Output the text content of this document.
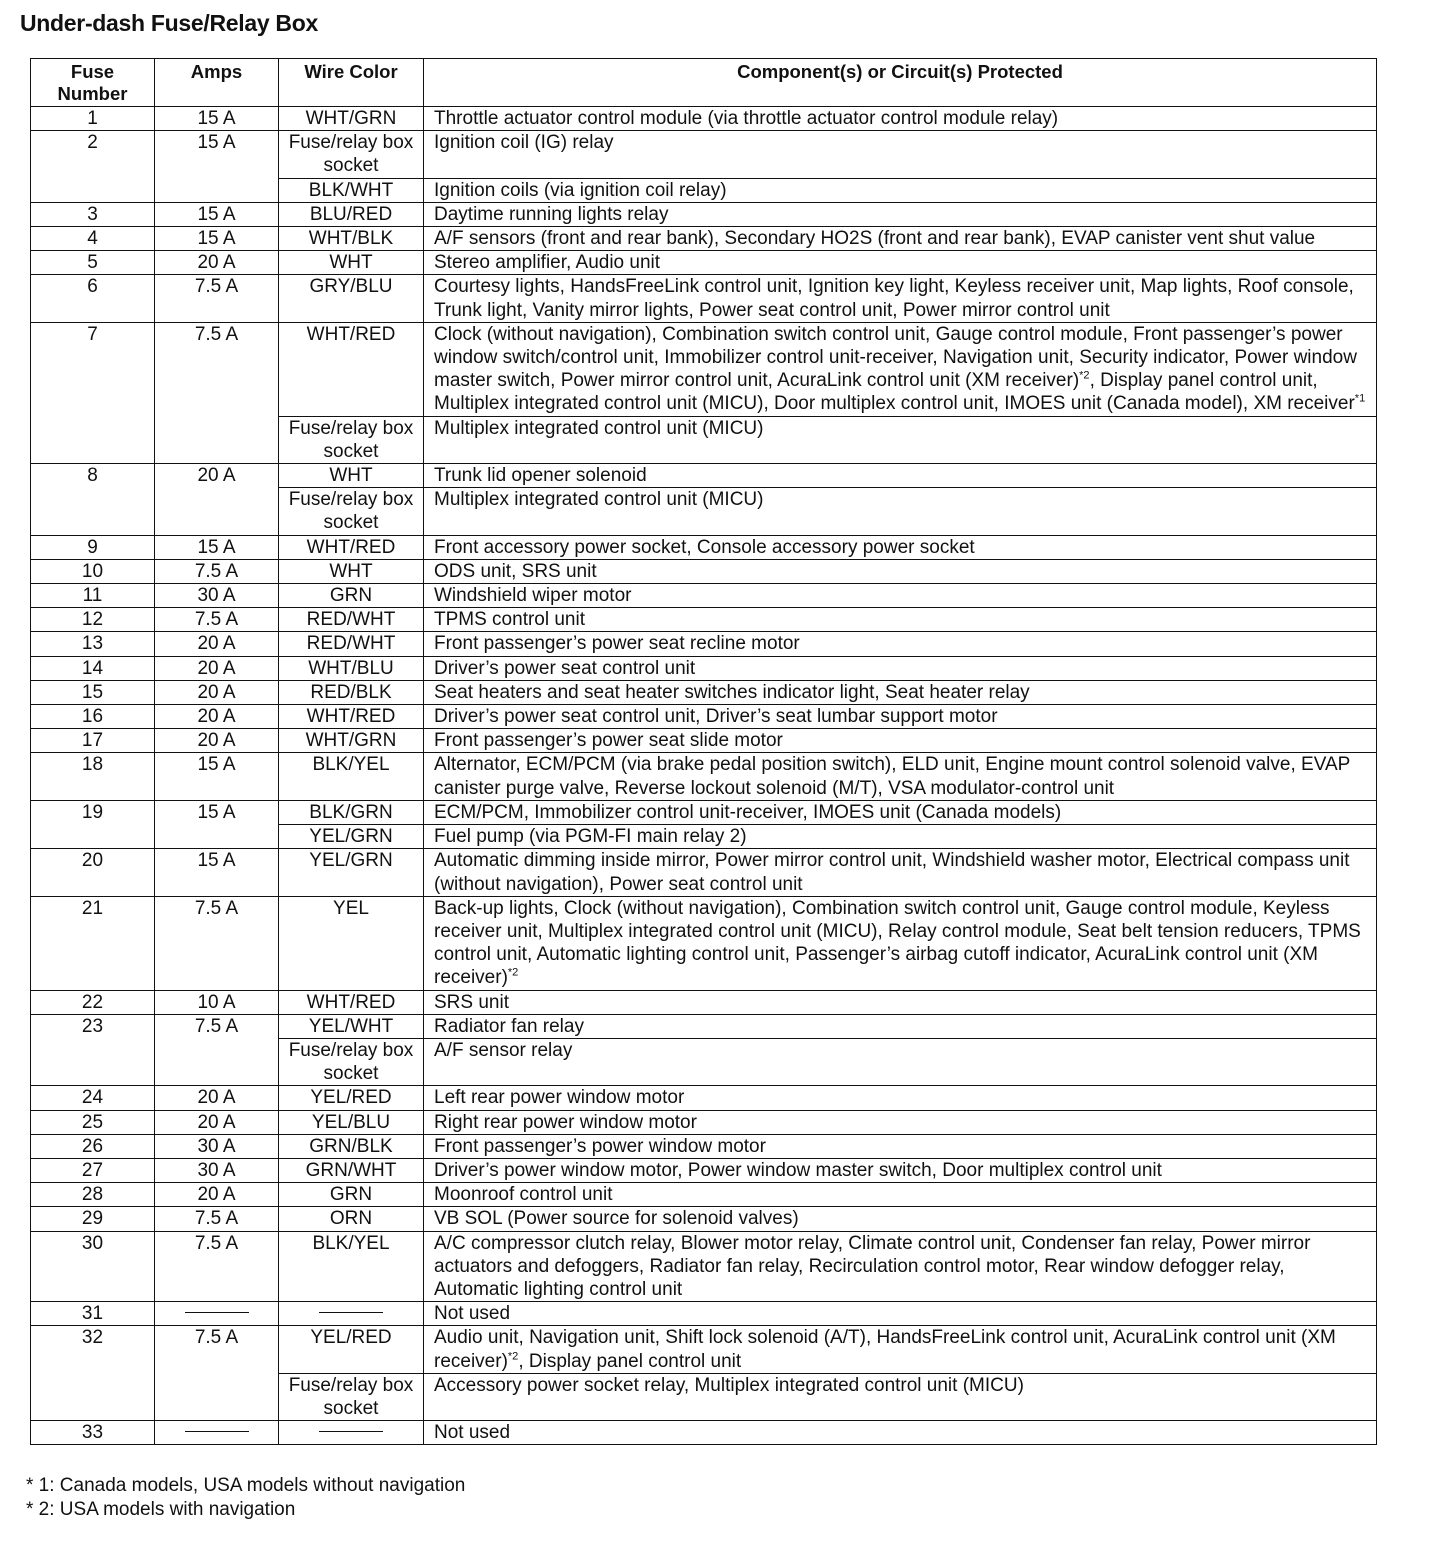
Under-dash Fuse/Relay Box
Fuse Number	Amps	Wire Color	Component(s) or Circuit(s) Protected
1	15 A	WHT/GRN	Throttle actuator control module (via throttle actuator control module relay)
2	15 A	Fuse/relay box socket	Ignition coil (IG) relay
		BLK/WHT	Ignition coils (via ignition coil relay)
3	15 A	BLU/RED	Daytime running lights relay
4	15 A	WHT/BLK	A/F sensors (front and rear bank), Secondary HO2S (front and rear bank), EVAP canister vent shut value
5	20 A	WHT	Stereo amplifier, Audio unit
6	7.5 A	GRY/BLU	Courtesy lights, HandsFreeLink control unit, Ignition key light, Keyless receiver unit, Map lights, Roof console, Trunk light, Vanity mirror lights, Power seat control unit, Power mirror control unit
7	7.5 A	WHT/RED	Clock (without navigation), Combination switch control unit, Gauge control module, Front passenger’s power window switch/control unit, Immobilizer control unit-receiver, Navigation unit, Security indicator, Power window master switch, Power mirror control unit, AcuraLink control unit (XM receiver)$^{*2}$, Display panel control unit, Multiplex integrated control unit (MICU), Door multiplex control unit, IMOES unit (Canada model), XM receiver$^{*1}$
		Fuse/relay box socket	Multiplex integrated control unit (MICU)
8	20 A	WHT	Trunk lid opener solenoid
		Fuse/relay box socket	Multiplex integrated control unit (MICU)
9	15 A	WHT/RED	Front accessory power socket, Console accessory power socket
10	7.5 A	WHT	ODS unit, SRS unit
11	30 A	GRN	Windshield wiper motor
12	7.5 A	RED/WHT	TPMS control unit
13	20 A	RED/WHT	Front passenger’s power seat recline motor
14	20 A	WHT/BLU	Driver’s power seat control unit
15	20 A	RED/BLK	Seat heaters and seat heater switches indicator light, Seat heater relay
16	20 A	WHT/RED	Driver’s power seat control unit, Driver’s seat lumbar support motor
17	20 A	WHT/GRN	Front passenger’s power seat slide motor
18	15 A	BLK/YEL	Alternator, ECM/PCM (via brake pedal position switch), ELD unit, Engine mount control solenoid valve, EVAP canister purge valve, Reverse lockout solenoid (M/T), VSA modulator-control unit
19	15 A	BLK/GRN	ECM/PCM, Immobilizer control unit-receiver, IMOES unit (Canada models)
		YEL/GRN	Fuel pump (via PGM-FI main relay 2)
20	15 A	YEL/GRN	Automatic dimming inside mirror, Power mirror control unit, Windshield washer motor, Electrical compass unit (without navigation), Power seat control unit
21	7.5 A	YEL	Back-up lights, Clock (without navigation), Combination switch control unit, Gauge control module, Keyless receiver unit, Multiplex integrated control unit (MICU), Relay control module, Seat belt tension reducers, TPMS control unit, Automatic lighting control unit, Passenger’s airbag cutoff indicator, AcuraLink control unit (XM receiver)$^{*2}$
22	10 A	WHT/RED	SRS unit
23	7.5 A	YEL/WHT	Radiator fan relay
		Fuse/relay box socket	A/F sensor relay
24	20 A	YEL/RED	Left rear power window motor
25	20 A	YEL/BLU	Right rear power window motor
26	30 A	GRN/BLK	Front passenger’s power window motor
27	30 A	GRN/WHT	Driver’s power window motor, Power window master switch, Door multiplex control unit
28	20 A	GRN	Moonroof control unit
29	7.5 A	ORN	VB SOL (Power source for solenoid valves)
30	7.5 A	BLK/YEL	A/C compressor clutch relay, Blower motor relay, Climate control unit, Condenser fan relay, Power mirror actuators and defoggers, Radiator fan relay, Recirculation control motor, Rear window defogger relay, Automatic lighting control unit
31			Not used
32	7.5 A	YEL/RED	Audio unit, Navigation unit, Shift lock solenoid (A/T), HandsFreeLink control unit, AcuraLink control unit (XM receiver)$^{*2}$, Display panel control unit
		Fuse/relay box socket	Accessory power socket relay, Multiplex integrated control unit (MICU)
33			Not used
* 1: Canada models, USA models without navigation
* 2: USA models with navigation
